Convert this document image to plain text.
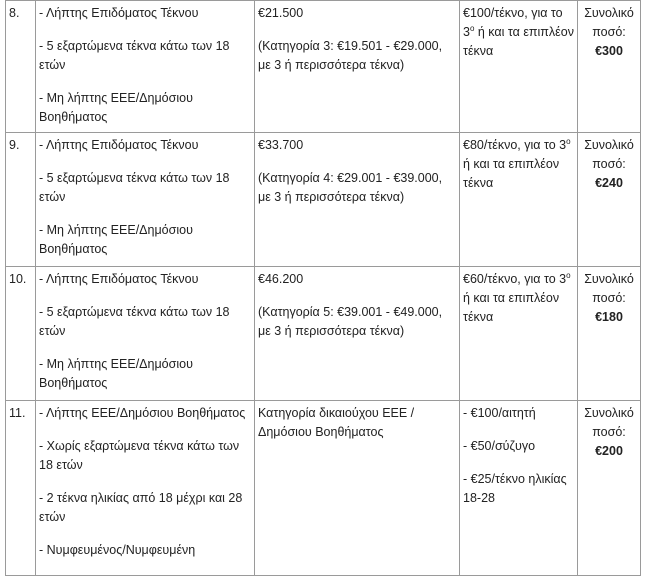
8.	- Λήπτης Επιδόματος Τέκνου
- 5 εξαρτώμενα τέκνα κάτω των 18 ετών
- Μη λήπτης ΕΕΕ/Δημόσιου Βοηθήματος	€21.500
(Κατηγορία 3: €19.501 - €29.000, με 3 ή περισσότερα τέκνα)	€100/τέκνο, για το $3^o$ ή και τα επιπλέον τέκνα	Συνολικό ποσό:
€300

9.	- Λήπτης Επιδόματος Τέκνου
- 5 εξαρτώμενα τέκνα κάτω των 18 ετών
- Μη λήπτης ΕΕΕ/Δημόσιου Βοηθήματος	€33.700
(Κατηγορία 4: €29.001 - €39.000, με 3 ή περισσότερα τέκνα)	€80/τέκνο, για το $3^o$ ή και τα επιπλέον τέκνα	Συνολικό ποσό:
€240

10.	- Λήπτης Επιδόματος Τέκνου
- 5 εξαρτώμενα τέκνα κάτω των 18 ετών
- Μη λήπτης ΕΕΕ/Δημόσιου Βοηθήματος	€46.200
(Κατηγορία 5: €39.001 - €49.000, με 3 ή περισσότερα τέκνα)	€60/τέκνο, για το $3^o$ ή και τα επιπλέον τέκνα	Συνολικό ποσό:
€180

11.	- Λήπτης ΕΕΕ/Δημόσιου Βοηθήματος
- Χωρίς εξαρτώμενα τέκνα κάτω των 18 ετών
- 2 τέκνα ηλικίας από 18 μέχρι και 28 ετών
- Νυμφευμένος/Νυμφευμένη	Κατηγορία δικαιούχου ΕΕΕ / Δημόσιου Βοηθήματος	- €100/αιτητή
- €50/σύζυγο
- €25/τέκνο ηλικίας 18-28	Συνολικό ποσό:
€200
